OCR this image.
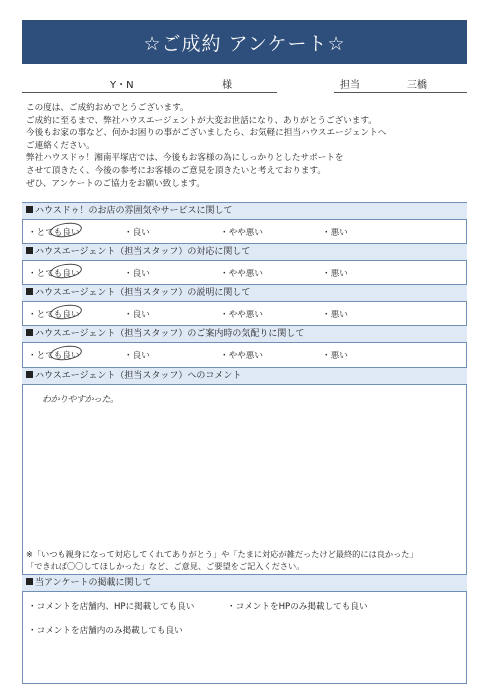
☆ご成約 アンケート☆
Y・N	様	担当	三橋
この度は、ご成約おめでとうございます。
ご成約に至るまで、弊社ハウスエージェントが大変お世話になり、ありがとうございます。
今後もお家の事など、何かお困りの事がございましたら、お気軽に担当ハウスエージェントへ
ご連絡ください。
弊社ハウスドゥ！湘南平塚店では、今後もお客様の為にしっかりとしたサポートを
させて頂きたく、今後の参考にお客様のご意見を頂きたいと考えております。
ぜひ、アンケートのご協力をお願い致します。
ハウスドゥ！のお店の雰囲気やサービスに関して
・とても良い	・良い	・やや悪い	・悪い
ハウスエージェント（担当スタッフ）の対応に関して
・とても良い	・良い	・やや悪い	・悪い
ハウスエージェント（担当スタッフ）の説明に関して
・とても良い	・良い	・やや悪い	・悪い
ハウスエージェント（担当スタッフ）のご案内時の気配りに関して
・とても良い	・良い	・やや悪い	・悪い
ハウスエージェント（担当スタッフ）へのコメント
わかりやすかった。
※「いつも親身になって対応してくれてありがとう」や「たまに対応が雑だったけど最終的には良かった」
「できれば〇〇してほしかった」など、ご意見、ご要望をご記入ください。
当アンケートの掲載に関して
・コメントを店舗内、HPに掲載しても良い	・コメントをHPのみ掲載しても良い
・コメントを店舗内のみ掲載しても良い
